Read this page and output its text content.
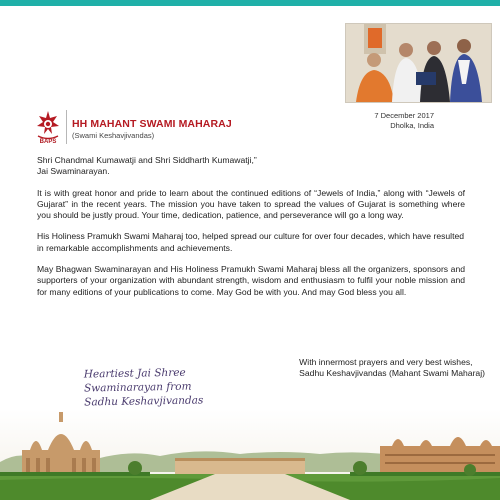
BAPS
HH MAHANT SWAMI MAHARAJ
(Swami Keshavjivandas)
7 December 2017
Dholka, India

Shri Chandmal Kumawatji and Shri Siddharth Kumawatji,”
Jai Swaminarayan.

It is with great honor and pride to learn about the continued editions of “Jewels of India,” along with “Jewels of Gujarat” in the recent years. The mission you have taken to spread the values of Gujarat is something where you should be justly proud. Your time, dedication, patience, and perseverance will go a long way.

His Holiness Pramukh Swami Maharaj too, helped spread our culture for over four decades, which have resulted in remarkable accomplishments and achievements.

May Bhagwan Swaminarayan and His Holiness Pramukh Swami Maharaj bless all the organizers, sponsors and supporters of your organization with abundant strength, wisdom and enthusiasm to fulfil your noble mission and for many editions of your publications to come. May God be with you. And may God bless you all.

With innermost prayers and very best wishes,
Sadhu Keshavjivandas (Mahant Swami Maharaj)
Heartiest Jai Shree
Swaminarayan from
Sadhu Keshavjivandas
